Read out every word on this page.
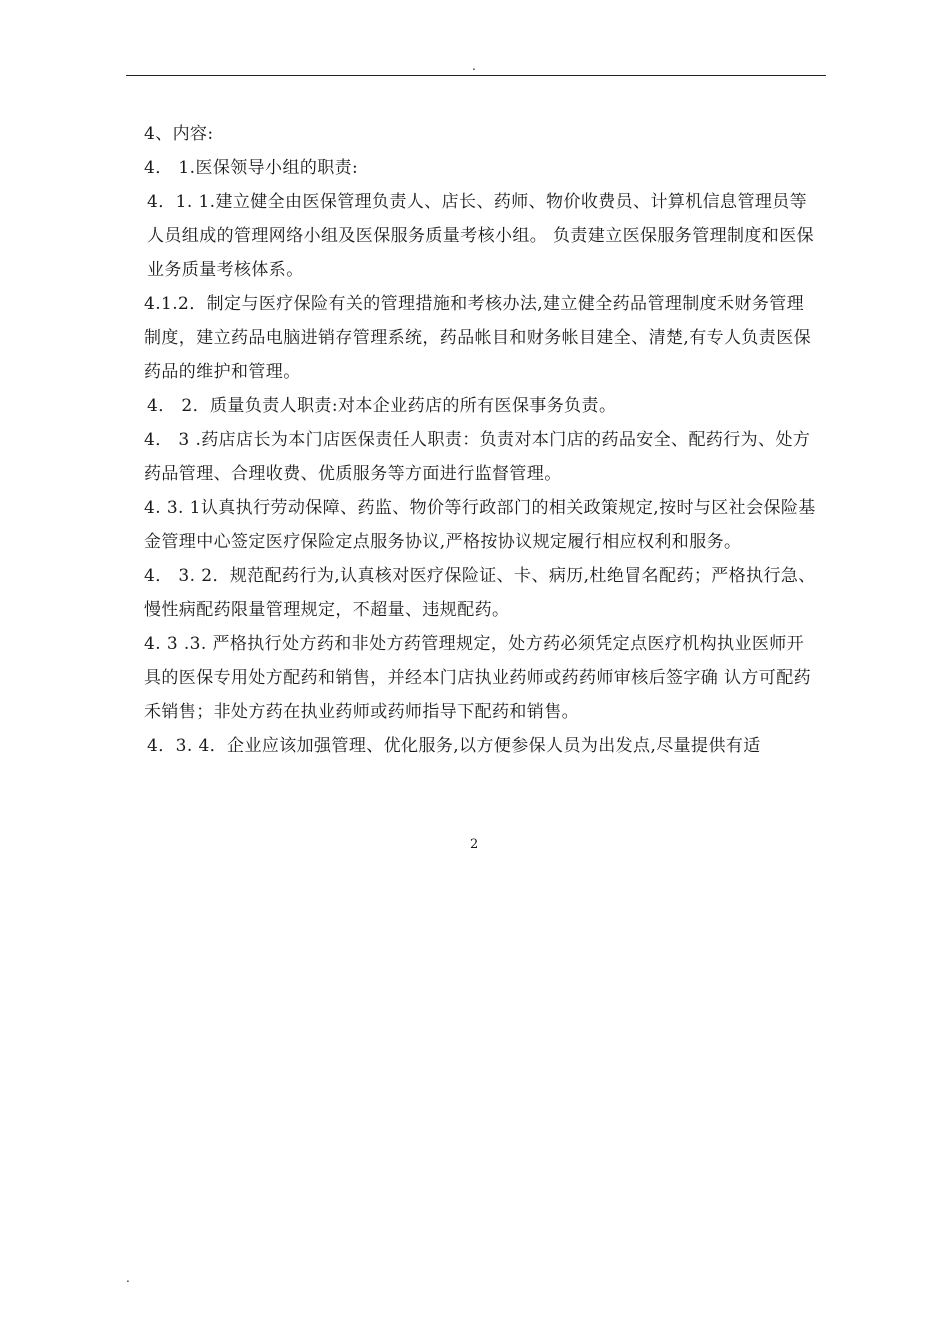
.

4、内容:

4． 1.医保领导小组的职责:

4．1. 1.建立健全由医保管理负责人、店长、药师、物价收费员、计算机信息管理员等人员组成的管理网络小组及医保服务质量考核小组。 负责建立医保服务管理制度和医保业务质量考核体系。

4.1.2．制定与医疗保险有关的管理措施和考核办法,建立健全药品管理制度禾财务管理制度，建立药品电脑进销存管理系统，药品帐目和财务帐目建全、清楚,有专人负责医保药品的维护和管理。

4． 2．质量负责人职责:对本企业药店的所有医保事务负责。

4． 3 .药店店长为本门店医保责任人职责：负责对本门店的药品安全、配药行为、处方药品管理、合理收费、优质服务等方面进行监督管理。

4. 3. 1认真执行劳动保障、药监、物价等行政部门的相关政策规定,按时与区社会保险基金管理中心签定医疗保险定点服务协议,严格按协议规定履行相应权利和服务。

4． 3. 2．规范配药行为,认真核对医疗保险证、卡、病历,杜绝冒名配药；严格执行急、慢性病配药限量管理规定，不超量、违规配药。

4. 3 .3. 严格执行处方药和非处方药管理规定，处方药必须凭定点医疗机构执业医师开具的医保专用处方配药和销售，并经本门店执业药师或药药师审核后签字确 认方可配药禾销售；非处方药在执业药师或药师指导下配药和销售。

4．3. 4．企业应该加强管理、优化服务,以方便参保人员为出发点,尽量提供有适

2
.
